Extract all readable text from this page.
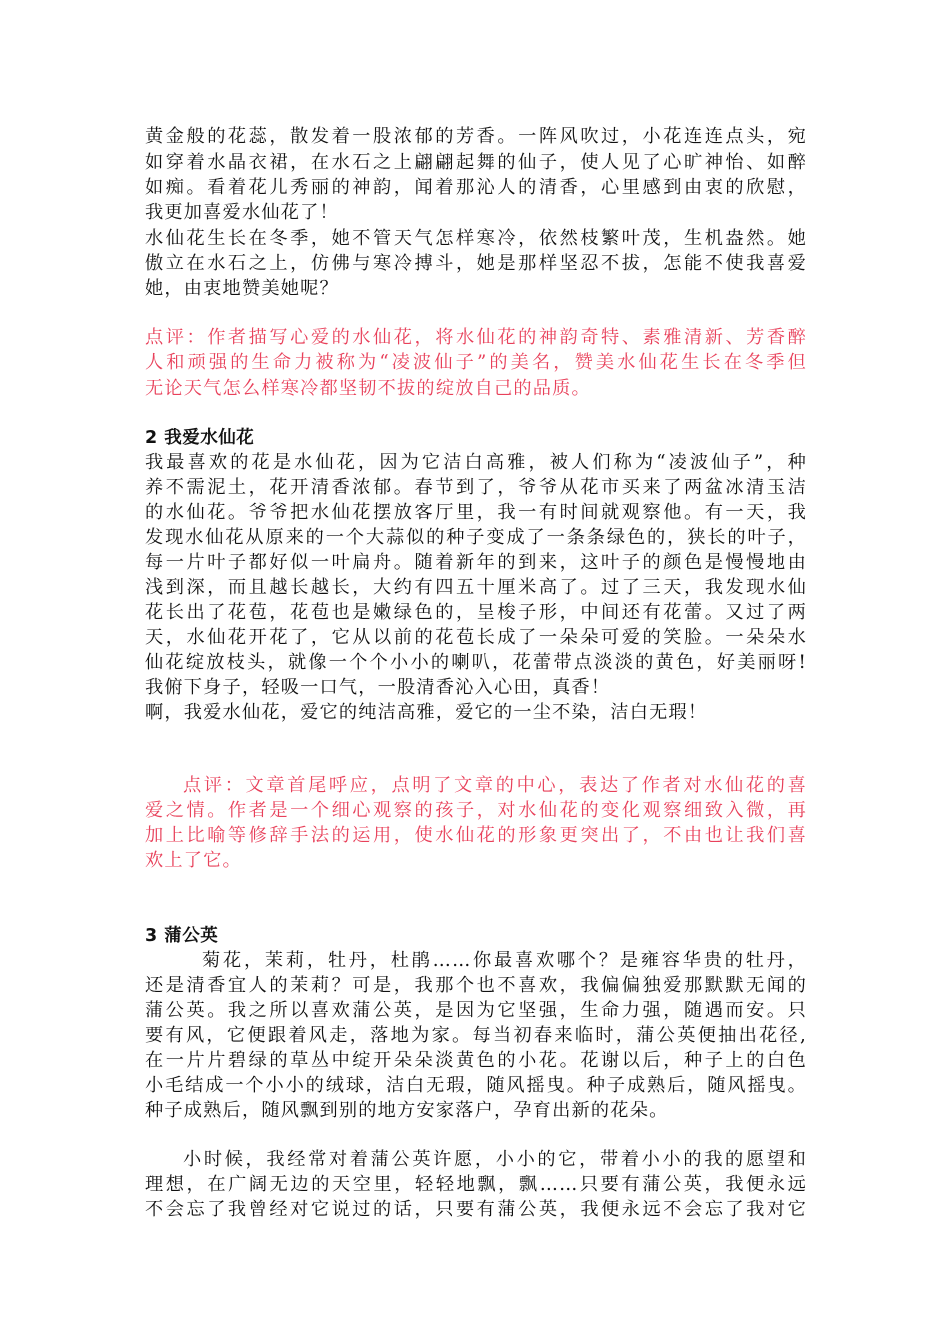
黄金般的花蕊，散发着一股浓郁的芳香。一阵风吹过，小花连连点头，宛
如穿着水晶衣裙，在水石之上翩翩起舞的仙子，使人见了心旷神怡、如醉
如痴。看着花儿秀丽的神韵，闻着那沁人的清香，心里感到由衷的欣慰，
我更加喜爱水仙花了！
水仙花生长在冬季，她不管天气怎样寒冷，依然枝繁叶茂，生机盎然。她
傲立在水石之上，仿佛与寒冷搏斗，她是那样坚忍不拔，怎能不使我喜爱
她，由衷地赞美她呢？
点评：作者描写心爱的水仙花，将水仙花的神韵奇特、素雅清新、芳香醉
人和顽强的生命力被称为“凌波仙子”的美名，赞美水仙花生长在冬季但
无论天气怎么样寒冷都坚韧不拔的绽放自己的品质。
2 我爱水仙花
我最喜欢的花是水仙花，因为它洁白高雅，被人们称为“凌波仙子”，种
养不需泥土，花开清香浓郁。春节到了，爷爷从花市买来了两盆冰清玉洁
的水仙花。爷爷把水仙花摆放客厅里，我一有时间就观察他。有一天，我
发现水仙花从原来的一个大蒜似的种子变成了一条条绿色的，狭长的叶子，
每一片叶子都好似一叶扁舟。随着新年的到来，这叶子的颜色是慢慢地由
浅到深，而且越长越长，大约有四五十厘米高了。过了三天，我发现水仙
花长出了花苞，花苞也是嫩绿色的，呈梭子形，中间还有花蕾。又过了两
天，水仙花开花了，它从以前的花苞长成了一朵朵可爱的笑脸。一朵朵水
仙花绽放枝头，就像一个个小小的喇叭，花蕾带点淡淡的黄色，好美丽呀!
我俯下身子，轻吸一口气，一股清香沁入心田，真香！
啊，我爱水仙花，爱它的纯洁高雅，爱它的一尘不染，洁白无瑕！
点评：文章首尾呼应，点明了文章的中心，表达了作者对水仙花的喜
爱之情。作者是一个细心观察的孩子，对水仙花的变化观察细致入微，再
加上比喻等修辞手法的运用，使水仙花的形象更突出了，不由也让我们喜
欢上了它。
3 蒲公英
菊花，茉莉，牡丹，杜鹃……你最喜欢哪个？是雍容华贵的牡丹，
还是清香宜人的茉莉？可是，我那个也不喜欢，我偏偏独爱那默默无闻的
蒲公英。我之所以喜欢蒲公英，是因为它坚强，生命力强，随遇而安。只
要有风，它便跟着风走，落地为家。每当初春来临时，蒲公英便抽出花径,
在一片片碧绿的草丛中绽开朵朵淡黄色的小花。花谢以后，种子上的白色
小毛结成一个小小的绒球，洁白无瑕，随风摇曳。种子成熟后，随风摇曳。
种子成熟后，随风飘到别的地方安家落户，孕育出新的花朵。
小时候，我经常对着蒲公英许愿，小小的它，带着小小的我的愿望和
理想，在广阔无边的天空里，轻轻地飘，飘……只要有蒲公英，我便永远
不会忘了我曾经对它说过的话，只要有蒲公英，我便永远不会忘了我对它
